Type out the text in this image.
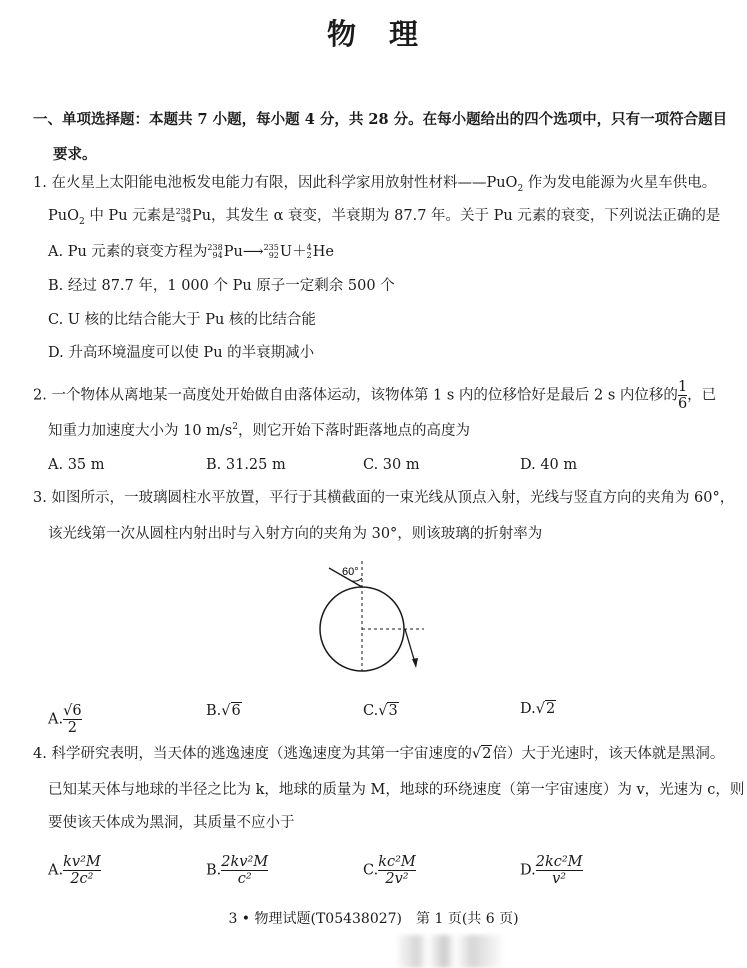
物　理
一、单项选择题：本题共 7 小题，每小题 4 分，共 28 分。在每小题给出的四个选项中，只有一项符合题目
要求。
1. 在火星上太阳能电池板发电能力有限，因此科学家用放射性材料——PuO$_2$ 作为发电能源为火星车供电。
PuO$_2$ 中 Pu 元素是 238
94 Pu，其发生 α 衰变，半衰期为 87.7 年。关于 Pu 元素的衰变，下列说法正确的是
A. Pu 元素的衰变方程为 238
94 Pu⟶ 235
92 U＋ 4
2 He
B. 经过 87.7 年，1 000 个 Pu 原子一定剩余 500 个
C. U 核的比结合能大于 Pu 核的比结合能
D. 升高环境温度可以使 Pu 的半衰期减小
2. 一个物体从离地某一高度处开始做自由落体运动，该物体第 1 s 内的位移恰好是最后 2 s 内位移的 $\frac{1}{6}$ ，已
知重力加速度大小为 10 $m/s^2$，则它开始下落时距落地点的高度为
A. 35 m	B. 31.25 m	C. 30 m	D. 40 m
3. 如图所示，一玻璃圆柱水平放置，平行于其横截面的一束光线从顶点入射，光线与竖直方向的夹角为 60°，
该光线第一次从圆柱内射出时与入射方向的夹角为 30°，则该玻璃的折射率为
60°
A. $\frac{√6}{2}$	B.√6	C.√3	D.√2
4. 科学研究表明，当天体的逃逸速度（逃逸速度为其第一宇宙速度的√2倍）大于光速时，该天体就是黑洞。
已知某天体与地球的半径之比为 k，地球的质量为 M，地球的环绕速度（第一宇宙速度）为 v，光速为 c，则
要使该天体成为黑洞，其质量不应小于
A. $\frac{\text{kv²M}}{\text{2c²}}$	B. $\frac{\text{2kv²M}}{\text{c²}}$	C. $\frac{\text{kc²M}}{\text{2v²}}$	D. $\frac{\text{2kc²M}}{\text{v²}}$
3 • 物理试题(T05438027)　第 1 页(共 6 页)
